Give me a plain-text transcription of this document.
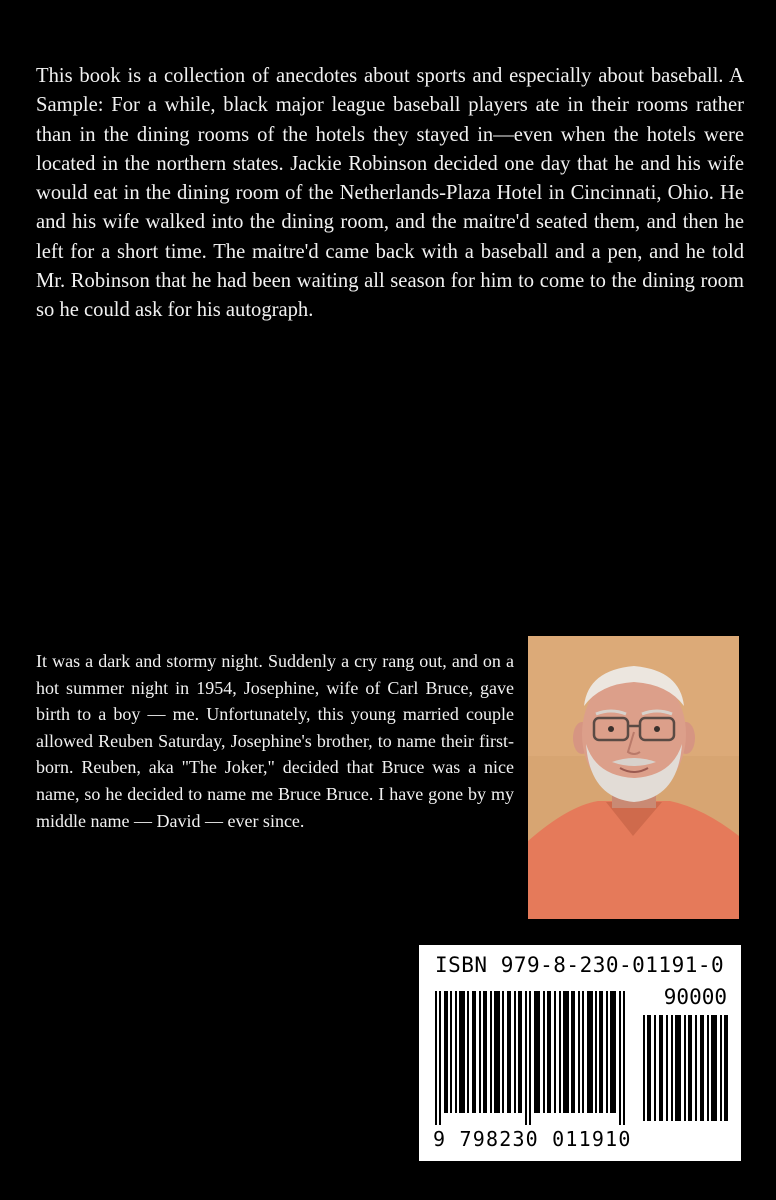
This book is a collection of anecdotes about sports and especially about baseball. A Sample: For a while, black major league baseball players ate in their rooms rather than in the dining rooms of the hotels they stayed in—even when the hotels were located in the northern states. Jackie Robinson decided one day that he and his wife would eat in the dining room of the Netherlands-Plaza Hotel in Cincinnati, Ohio. He and his wife walked into the dining room, and the maitre'd seated them, and then he left for a short time. The maitre'd came back with a baseball and a pen, and he told Mr. Robinson that he had been waiting all season for him to come to the dining room so he could ask for his autograph.

It was a dark and stormy night. Suddenly a cry rang out, and on a hot summer night in 1954, Josephine, wife of Carl Bruce, gave birth to a boy — me. Unfortunately, this young married couple allowed Reuben Saturday, Josephine's brother, to name their first-born. Reuben, aka "The Joker," decided that Bruce was a nice name, so he decided to name me Bruce Bruce. I have gone by my middle name — David — ever since.

ISBN 979-8-230-01191-0

90000

9 798230 011910
